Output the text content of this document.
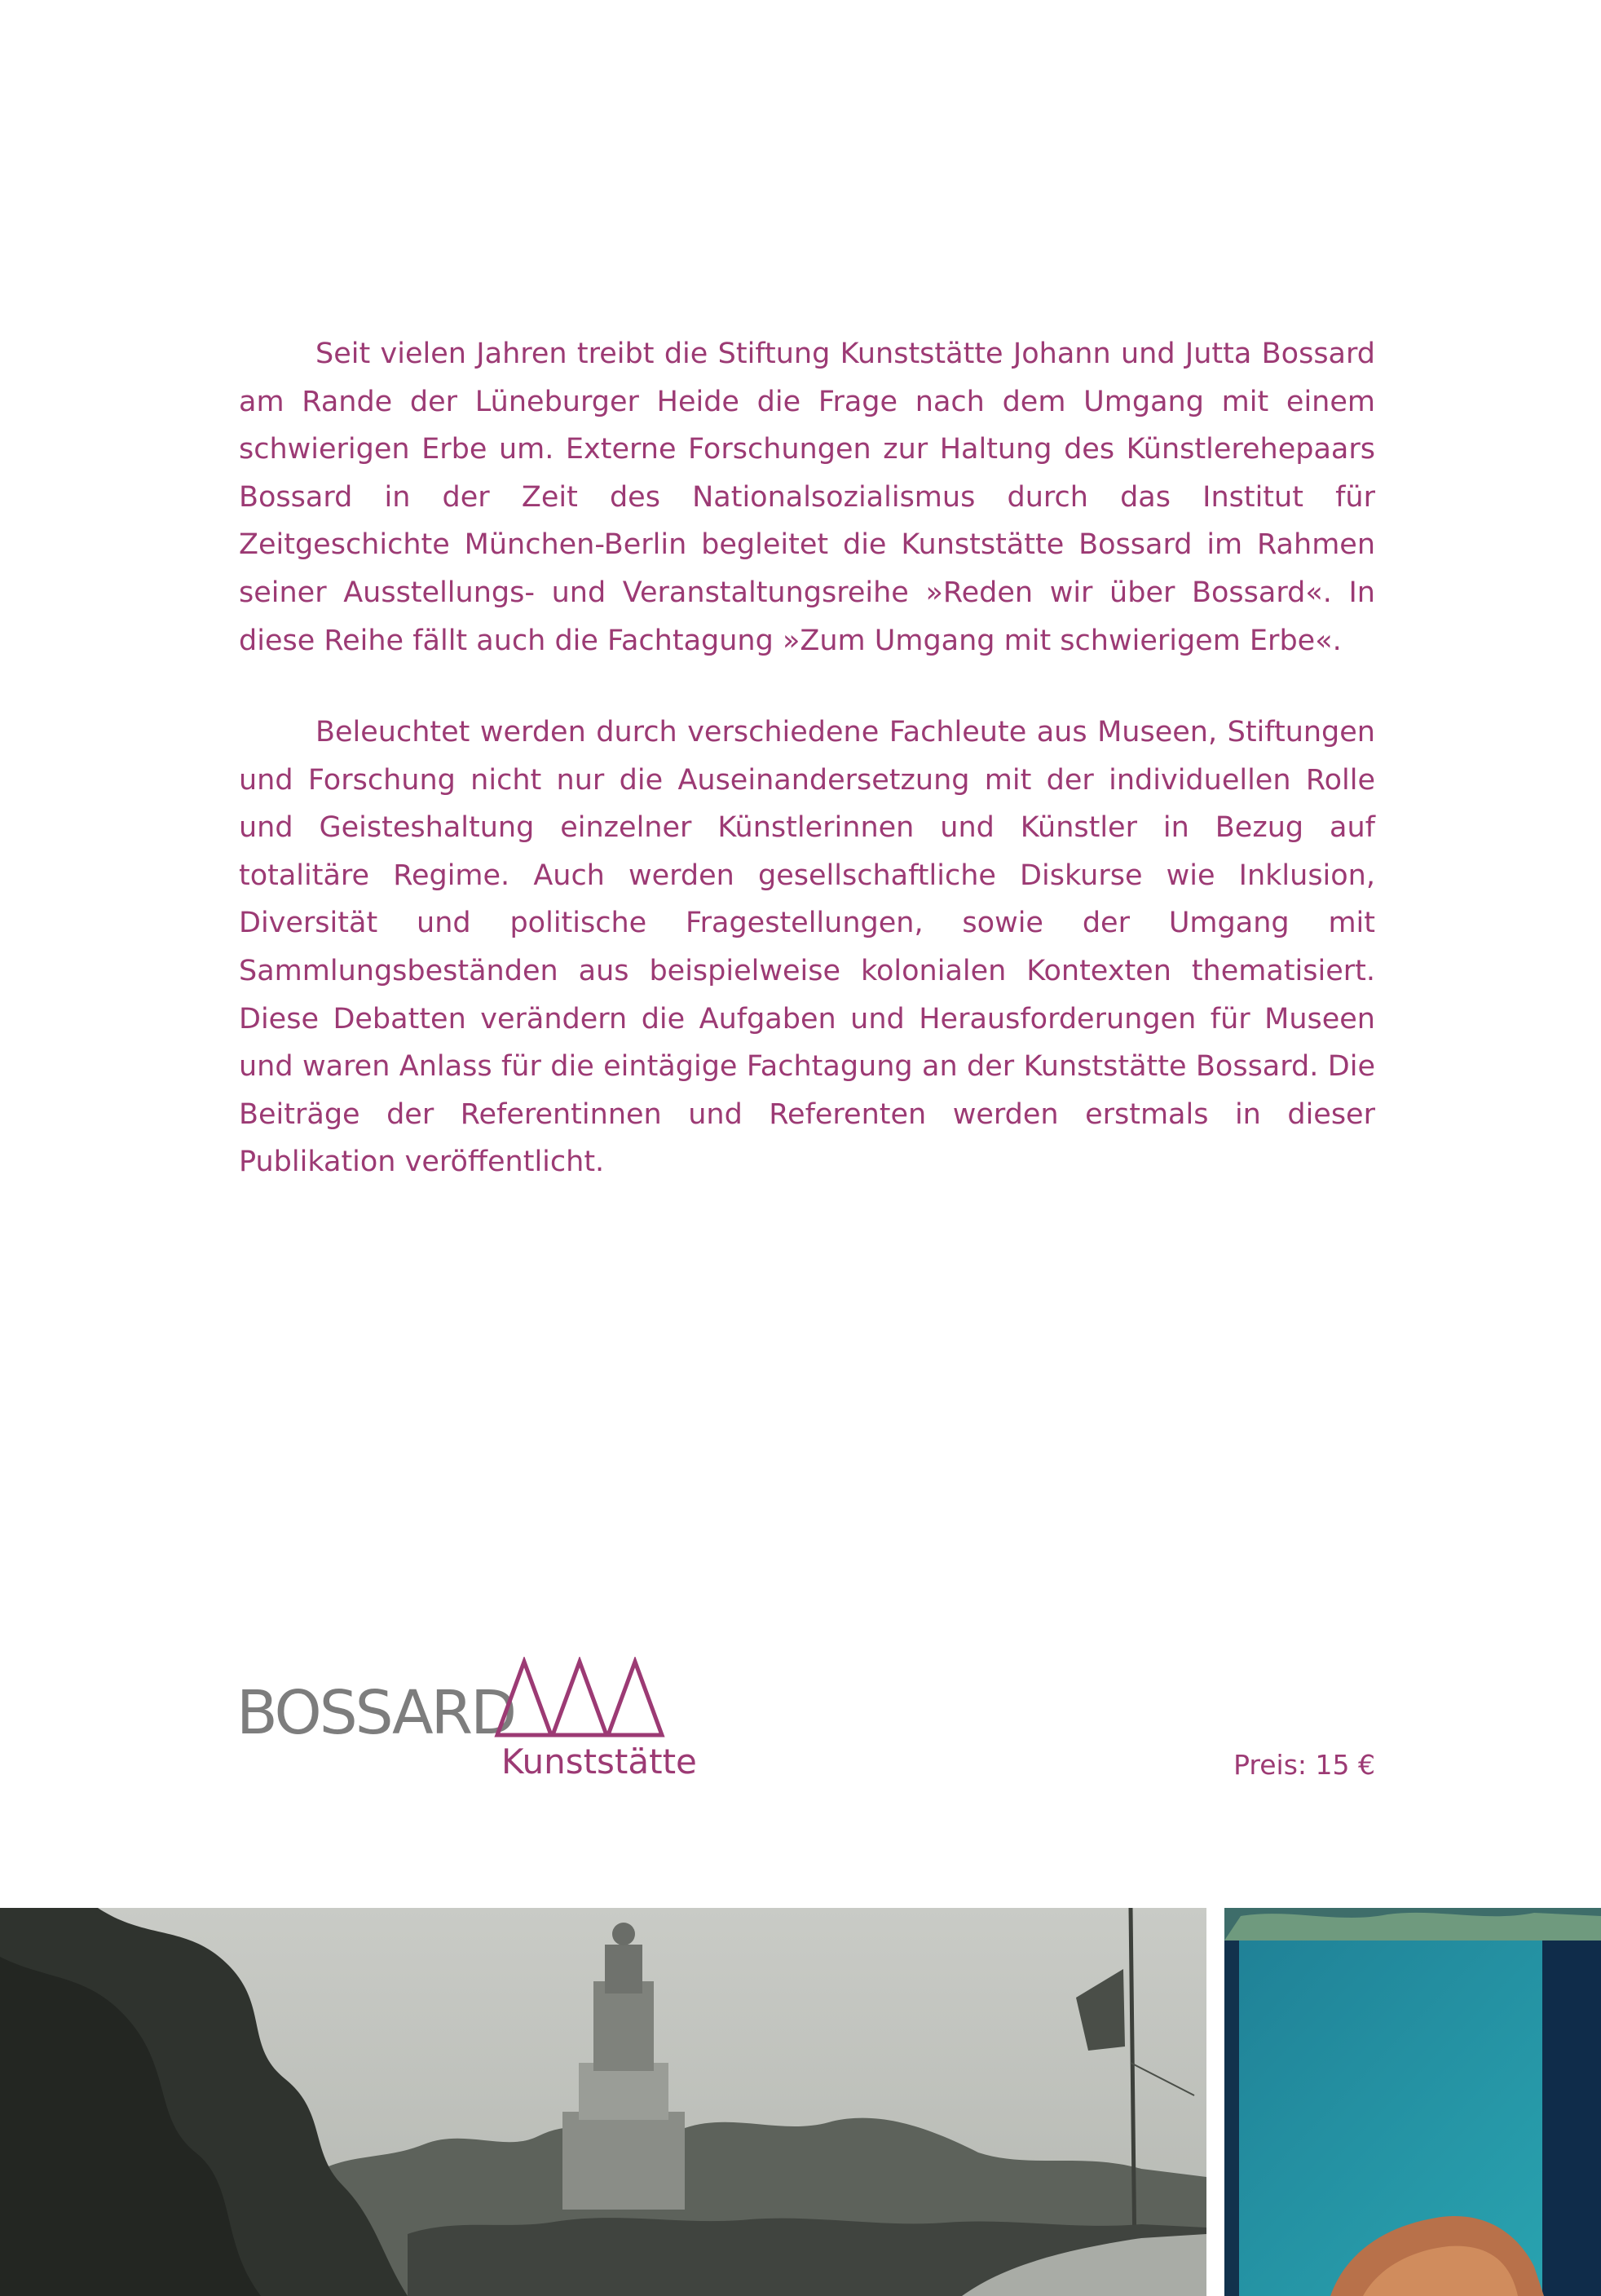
Seit vielen Jahren treibt die Stiftung Kunststätte Johann und Jutta Bossard am Rande der Lüneburger Heide die Frage nach dem Umgang mit einem schwierigen Erbe um. Externe Forschungen zur Haltung des Künstlerehepaars Bossard in der Zeit des Nationalsozialismus durch das Institut für Zeitgeschichte München-Berlin begleitet die Kunststätte Bossard im Rahmen seiner Ausstellungs- und Veranstaltungsreihe »Reden wir über Bossard«. In diese Reihe fällt auch die Fachtagung »Zum Umgang mit schwierigem Erbe«.

Beleuchtet werden durch verschiedene Fachleute aus Museen, Stiftungen und Forschung nicht nur die Auseinandersetzung mit der individuellen Rolle und Geisteshaltung einzelner Künstlerinnen und Künstler in Bezug auf totalitäre Regime. Auch werden gesellschaftliche Diskurse wie Inklusion, Diversität und politische Fragestellungen, sowie der Umgang mit Sammlungsbeständen aus beispielweise kolonialen Kontexten thematisiert. Diese Debatten verändern die Aufgaben und Herausforderungen für Museen und waren Anlass für die eintägige Fachtagung an der Kunststätte Bossard. Die Beiträge der Referentinnen und Referenten werden erstmals in dieser Publikation veröffentlicht.

BOSSARD
Kunststätte	Preis: 15 €
